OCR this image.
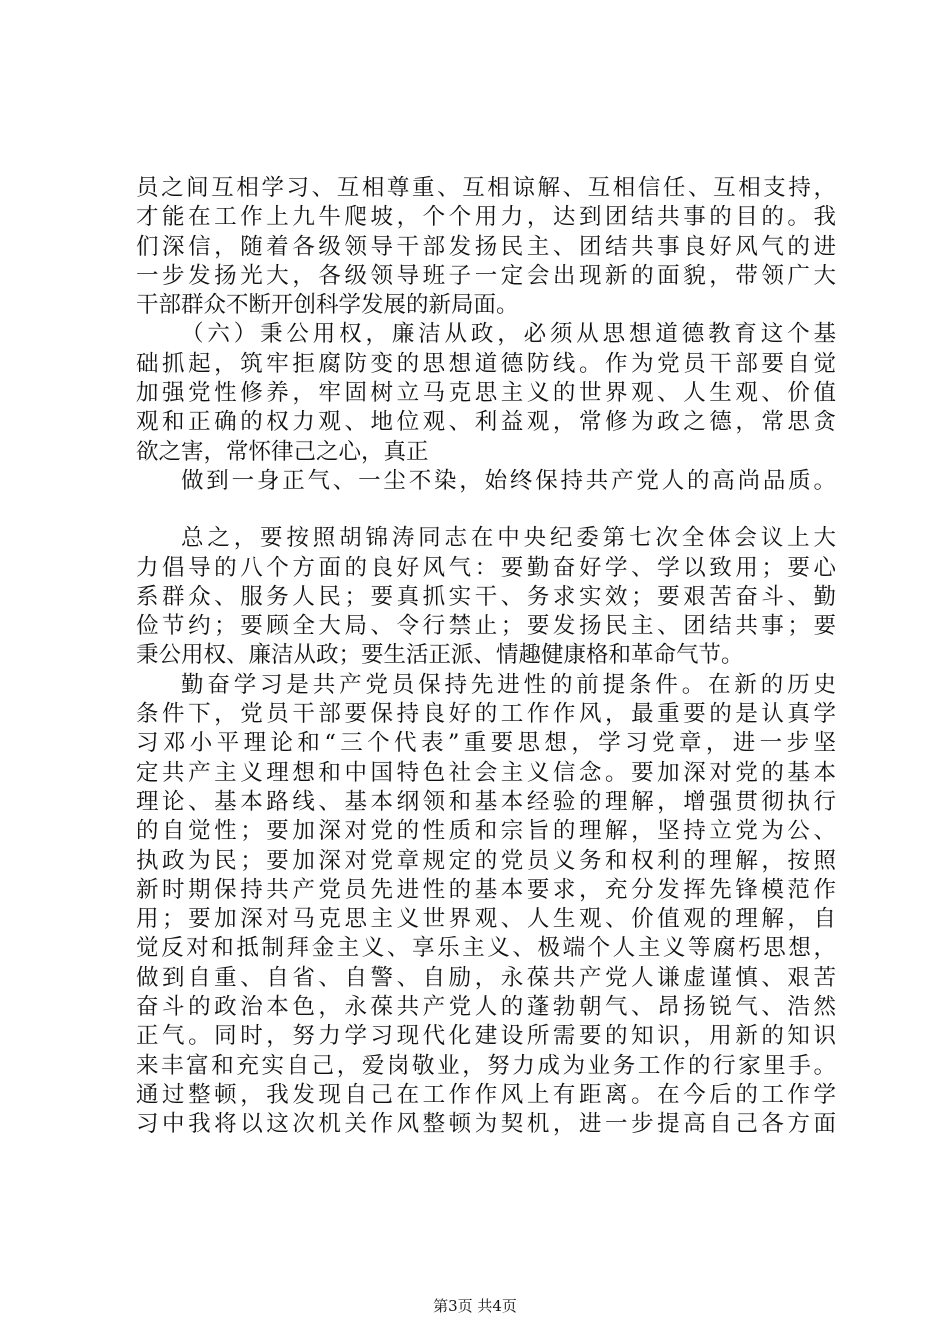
员之间互相学习、互相尊重、互相谅解、互相信任、互相支持，
才能在工作上九牛爬坡，个个用力，达到团结共事的目的。我
们深信，随着各级领导干部发扬民主、团结共事良好风气的进
一步发扬光大，各级领导班子一定会出现新的面貌，带领广大
干部群众不断开创科学发展的新局面。
（六）秉公用权，廉洁从政，必须从思想道德教育这个基
础抓起，筑牢拒腐防变的思想道德防线。作为党员干部要自觉
加强党性修养，牢固树立马克思主义的世界观、人生观、价值
观和正确的权力观、地位观、利益观，常修为政之德，常思贪
欲之害，常怀律己之心，真正
做到一身正气、一尘不染，始终保持共产党人的高尚品质。
总之，要按照胡锦涛同志在中央纪委第七次全体会议上大
力倡导的八个方面的良好风气：要勤奋好学、学以致用；要心
系群众、服务人民；要真抓实干、务求实效；要艰苦奋斗、勤
俭节约；要顾全大局、令行禁止；要发扬民主、团结共事；要
秉公用权、廉洁从政；要生活正派、情趣健康格和革命气节。
勤奋学习是共产党员保持先进性的前提条件。在新的历史
条件下，党员干部要保持良好的工作作风，最重要的是认真学
习邓小平理论和“三个代表”重要思想，学习党章，进一步坚
定共产主义理想和中国特色社会主义信念。要加深对党的基本
理论、基本路线、基本纲领和基本经验的理解，增强贯彻执行
的自觉性；要加深对党的性质和宗旨的理解，坚持立党为公、
执政为民；要加深对党章规定的党员义务和权利的理解，按照
新时期保持共产党员先进性的基本要求，充分发挥先锋模范作
用；要加深对马克思主义世界观、人生观、价值观的理解，自
觉反对和抵制拜金主义、享乐主义、极端个人主义等腐朽思想，
做到自重、自省、自警、自励，永葆共产党人谦虚谨慎、艰苦
奋斗的政治本色，永葆共产党人的蓬勃朝气、昂扬锐气、浩然
正气。同时，努力学习现代化建设所需要的知识，用新的知识
来丰富和充实自己，爱岗敬业，努力成为业务工作的行家里手。
通过整顿，我发现自己在工作作风上有距离。在今后的工作学
习中我将以这次机关作风整顿为契机，进一步提高自己各方面
第3页 共4页
